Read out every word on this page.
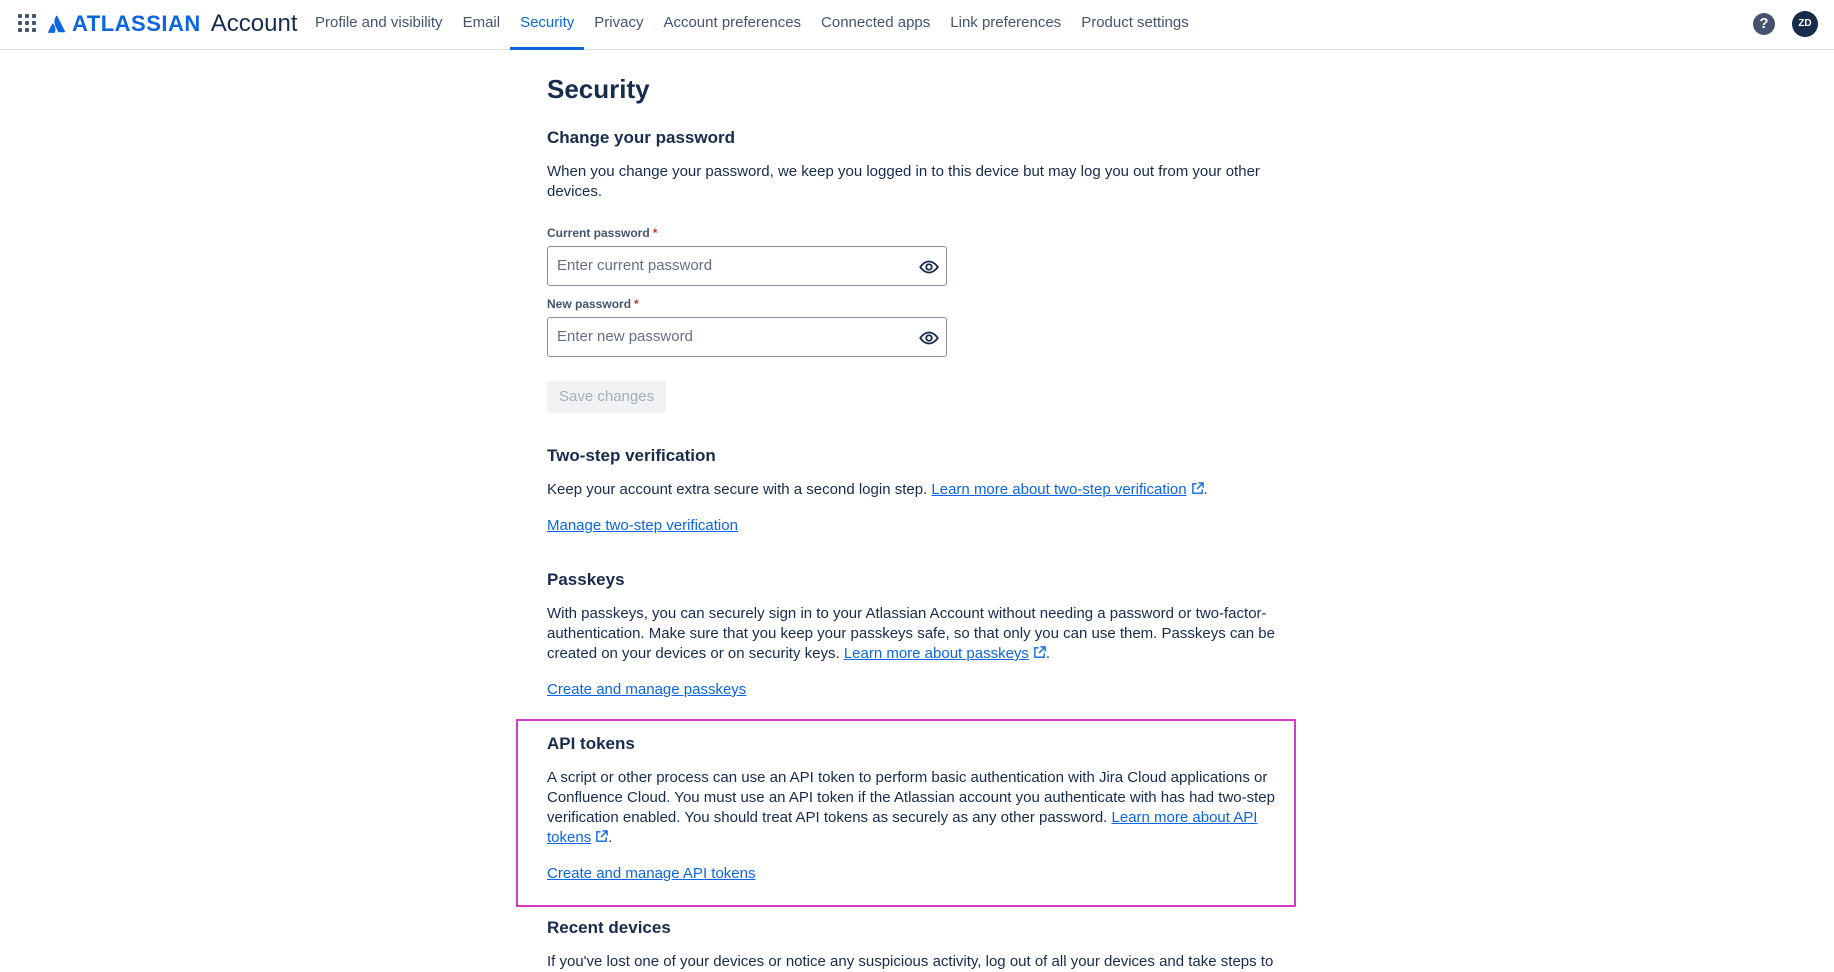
ATLASSIAN Account	Profile and visibility	Email	Security	Privacy	Account preferences	Connected apps	Link preferences	Product settings	?	ZD
Security
Change your password

When you change your password, we keep you logged in to this device but may log you out from your other devices.

Current password *
New password *
Save changes
Two-step verification

Keep your account extra secure with a second login step. Learn more about two-step verification .

Manage two-step verification

Passkeys

With passkeys, you can securely sign in to your Atlassian Account without needing a password or two-factor-authentication. Make sure that you keep your passkeys safe, so that only you can use them. Passkeys can be created on your devices or on security keys. Learn more about passkeys .

Create and manage passkeys

API tokens

A script or other process can use an API token to perform basic authentication with Jira Cloud applications or Confluence Cloud. You must use an API token if the Atlassian account you authenticate with has had two-step verification enabled. You should treat API tokens as securely as any other password. Learn more about API tokens .

Create and manage API tokens

Recent devices

If you've lost one of your devices or notice any suspicious activity, log out of all your devices and take steps to
